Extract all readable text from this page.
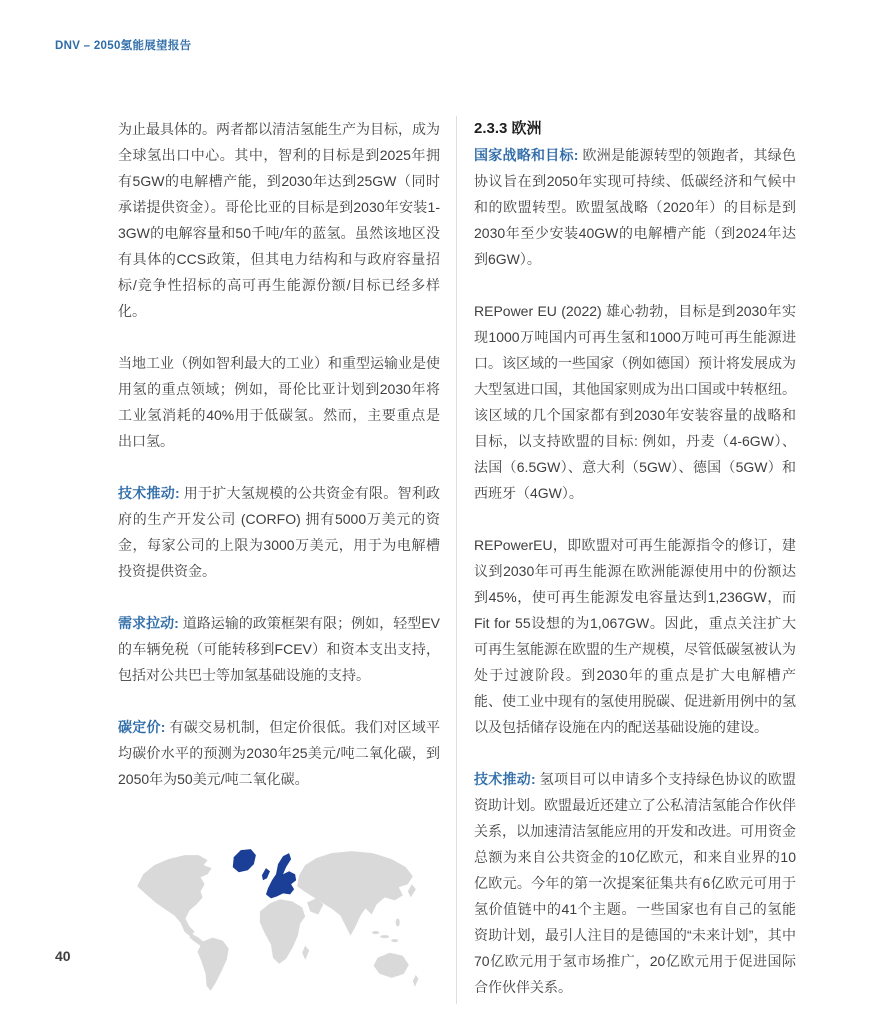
DNV – 2050氢能展望报告

为止最具体的。两者都以清洁氢能生产为目标，成为全球氢出口中心。其中，智利的目标是到2025年拥有5GW的电解槽产能，到2030年达到25GW（同时承诺提供资金）。哥伦比亚的目标是到2030年安装1-3GW的电解容量和50千吨/年的蓝氢。虽然该地区没有具体的CCS政策，但其电力结构和与政府容量招标/竞争性招标的高可再生能源份额/目标已经多样化。

当地工业（例如智利最大的工业）和重型运输业是使用氢的重点领域；例如，哥伦比亚计划到2030年将工业氢消耗的40%用于低碳氢。然而，主要重点是出口氢。

技术推动: 用于扩大氢规模的公共资金有限。智利政府的生产开发公司 (CORFO) 拥有5000万美元的资金，每家公司的上限为3000万美元，用于为电解槽投资提供资金。

需求拉动: 道路运输的政策框架有限；例如，轻型EV的车辆免税（可能转移到FCEV）和资本支出支持，包括对公共巴士等加氢基础设施的支持。

碳定价: 有碳交易机制，但定价很低。我们对区域平均碳价水平的预测为2030年25美元/吨二氧化碳，到2050年为50美元/吨二氧化碳。

2.3.3 欧洲

国家战略和目标: 欧洲是能源转型的领跑者，其绿色协议旨在到2050年实现可持续、低碳经济和气候中和的欧盟转型。欧盟氢战略（2020年）的目标是到2030年至少安装40GW的电解槽产能（到2024年达到6GW）。

REPower EU (2022) 雄心勃勃，目标是到2030年实现1000万吨国内可再生氢和1000万吨可再生能源进口。该区域的一些国家（例如德国）预计将发展成为大型氢进口国，其他国家则成为出口国或中转枢纽。该区域的几个国家都有到2030年安装容量的战略和目标，以支持欧盟的目标: 例如，丹麦（4-6GW）、法国（6.5GW）、意大利（5GW）、德国（5GW）和西班牙（4GW）。

REPowerEU，即欧盟对可再生能源指令的修订，建议到2030年可再生能源在欧洲能源使用中的份额达到45%，使可再生能源发电容量达到1,236GW，而Fit for 55设想的为1,067GW。因此，重点关注扩大可再生氢能源在欧盟的生产规模，尽管低碳氢被认为处于过渡阶段。到2030年的重点是扩大电解槽产能、使工业中现有的氢使用脱碳、促进新用例中的氢以及包括储存设施在内的配送基础设施的建设。

技术推动: 氢项目可以申请多个支持绿色协议的欧盟资助计划。欧盟最近还建立了公私清洁氢能合作伙伴关系，以加速清洁氢能应用的开发和改进。可用资金总额为来自公共资金的10亿欧元，和来自业界的10亿欧元。今年的第一次提案征集共有6亿欧元可用于氢价值链中的41个主题。一些国家也有自己的氢能资助计划，最引人注目的是德国的“未来计划”，其中70亿欧元用于氢市场推广，20亿欧元用于促进国际合作伙伴关系。

40
